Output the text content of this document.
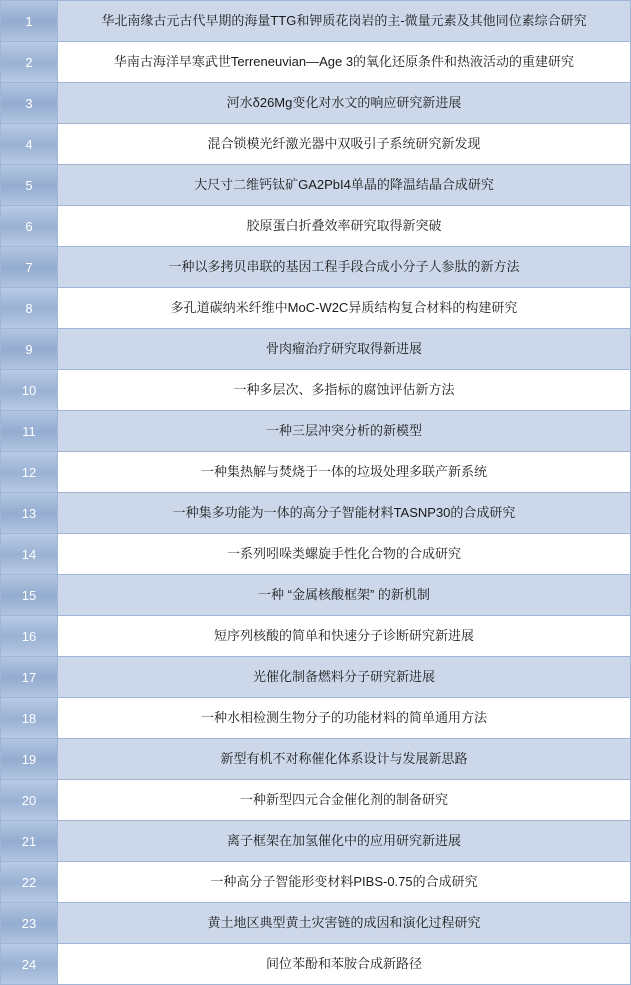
1	华北南缘古元古代早期的海量TTG和钾质花岗岩的主-微量元素及其他同位素综合研究
2	华南古海洋早寒武世Terreneuvian—Age 3的氧化还原条件和热液活动的重建研究
3	河水δ26Mg变化对水文的响应研究新进展
4	混合锁模光纤激光器中双吸引子系统研究新发现
5	大尺寸二维钙钛矿GA2PbI4单晶的降温结晶合成研究
6	胶原蛋白折叠效率研究取得新突破
7	一种以多拷贝串联的基因工程手段合成小分子人参肽的新方法
8	多孔道碳纳米纤维中MoC-W2C异质结构复合材料的构建研究
9	骨肉瘤治疗研究取得新进展
10	一种多层次、多指标的腐蚀评估新方法
11	一种三层冲突分析的新模型
12	一种集热解与焚烧于一体的垃圾处理多联产新系统
13	一种集多功能为一体的高分子智能材料TASNP30的合成研究
14	一系列吲哚类螺旋手性化合物的合成研究
15	一种 “金属核酸框架” 的新机制
16	短序列核酸的简单和快速分子诊断研究新进展
17	光催化制备燃料分子研究新进展
18	一种水相检测生物分子的功能材料的简单通用方法
19	新型有机不对称催化体系设计与发展新思路
20	一种新型四元合金催化剂的制备研究
21	离子框架在加氢催化中的应用研究新进展
22	一种高分子智能形变材料PIBS-0.75的合成研究
23	黄土地区典型黄土灾害链的成因和演化过程研究
24	间位苯酚和苯胺合成新路径
